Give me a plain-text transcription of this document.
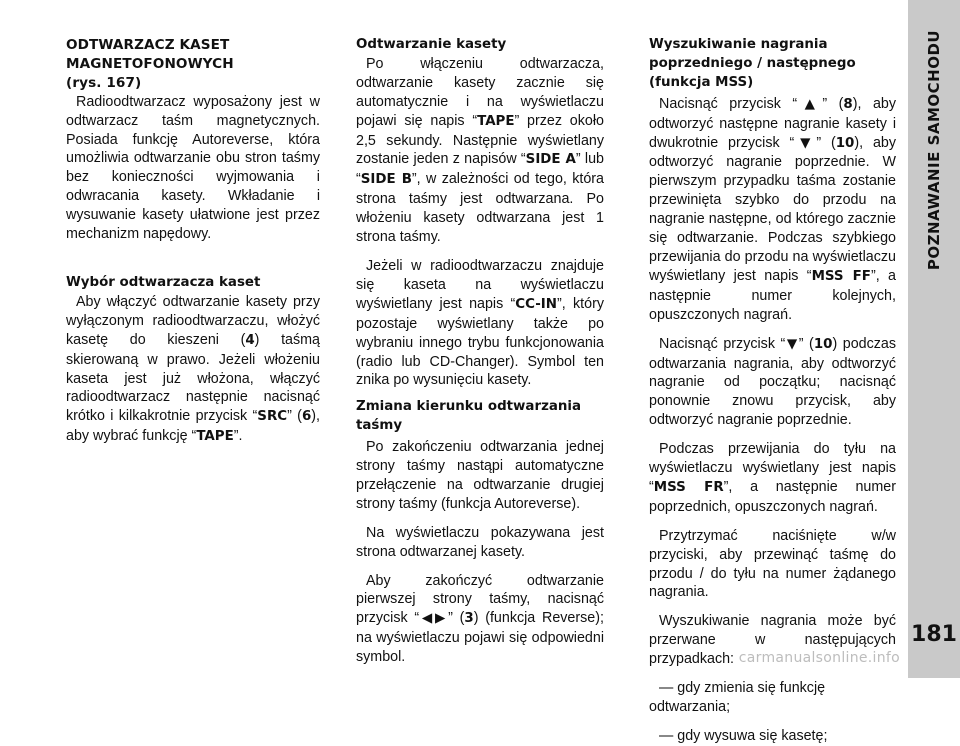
ODTWARZACZ KASET
MAGNETOFONOWYCH
(rys. 167)

Radioodtwarzacz wyposażony jest w odtwarzacz taśm magnetycznych. Posiada funkcję Autoreverse, która umożliwia odtwarzanie obu stron taśmy bez konieczności wyjmowania i odwracania kasety. Wkładanie i wysuwanie kasety ułatwione jest przez mechanizm napędowy.

Wybór odtwarzacza kaset

Aby włączyć odtwarzanie kasety przy wyłączonym radioodtwarzaczu, włożyć kasetę do kieszeni (4) taśmą skierowaną w prawo. Jeżeli włożeniu kaseta jest już włożona, włączyć radioodtwarzacz następnie nacisnąć krótko i kilkakrotnie przycisk “SRC” (6), aby wybrać funkcję “TAPE”.

Odtwarzanie kasety

Po włączeniu odtwarzacza, odtwarzanie kasety zacznie się automatycznie i na wyświetlaczu pojawi się napis “TAPE” przez około 2,5 sekundy. Następnie wyświetlany zostanie jeden z napisów “SIDE A” lub “SIDE B”, w zależności od tego, która strona taśmy jest odtwarzana. Po włożeniu kasety odtwarzana jest 1 strona taśmy.

Jeżeli w radioodtwarzaczu znajduje się kaseta na wyświetlaczu wyświetlany jest napis “CC-IN”, który pozostaje wyświetlany także po wybraniu innego trybu funkcjonowania (radio lub CD-Changer). Symbol ten znika po wysunięciu kasety.

Zmiana kierunku odtwarzania taśmy

Po zakończeniu odtwarzania jednej strony taśmy nastąpi automatyczne przełączenie na odtwarzanie drugiej strony taśmy (funkcja Autoreverse).

Na wyświetlaczu pokazywana jest strona odtwarzanej kasety.

Aby zakończyć odtwarzanie pierwszej strony taśmy, nacisnąć przycisk “◀▶” (3) (funkcja Reverse); na wyświetlaczu pojawi się odpowiedni symbol.

Wyszukiwanie nagrania poprzedniego / następnego (funkcja MSS)

Nacisnąć przycisk “▲” (8), aby odtworzyć następne nagranie kasety i dwukrotnie przycisk “▼” (10), aby odtworzyć nagranie poprzednie. W pierwszym przypadku taśma zostanie przewinięta szybko do przodu na nagranie następne, od którego zacznie się odtwarzanie. Podczas szybkiego przewijania do przodu na wyświetlaczu wyświetlany jest napis “MSS FF”, a następnie numer kolejnych, opuszczonych nagrań.

Nacisnąć przycisk “▼” (10) podczas odtwarzania nagrania, aby odtworzyć nagranie od początku; nacisnąć ponownie znowu przycisk, aby odtworzyć nagranie poprzednie.

Podczas przewijania do tyłu na wyświetlaczu wyświetlany jest napis “MSS FR”, a następnie numer poprzednich, opuszczonych nagrań.

Przytrzymać naciśnięte w/w przyciski, aby przewinąć taśmę do przodu / do tyłu na numer żądanego nagrania.

Wyszukiwanie nagrania może być przerwane w następujących przypadkach:

— gdy zmienia się funkcję odtwarzania;

— gdy wysuwa się kasetę;

POZNAWANIE SAMOCHODU
181
carmanualsonline.info
